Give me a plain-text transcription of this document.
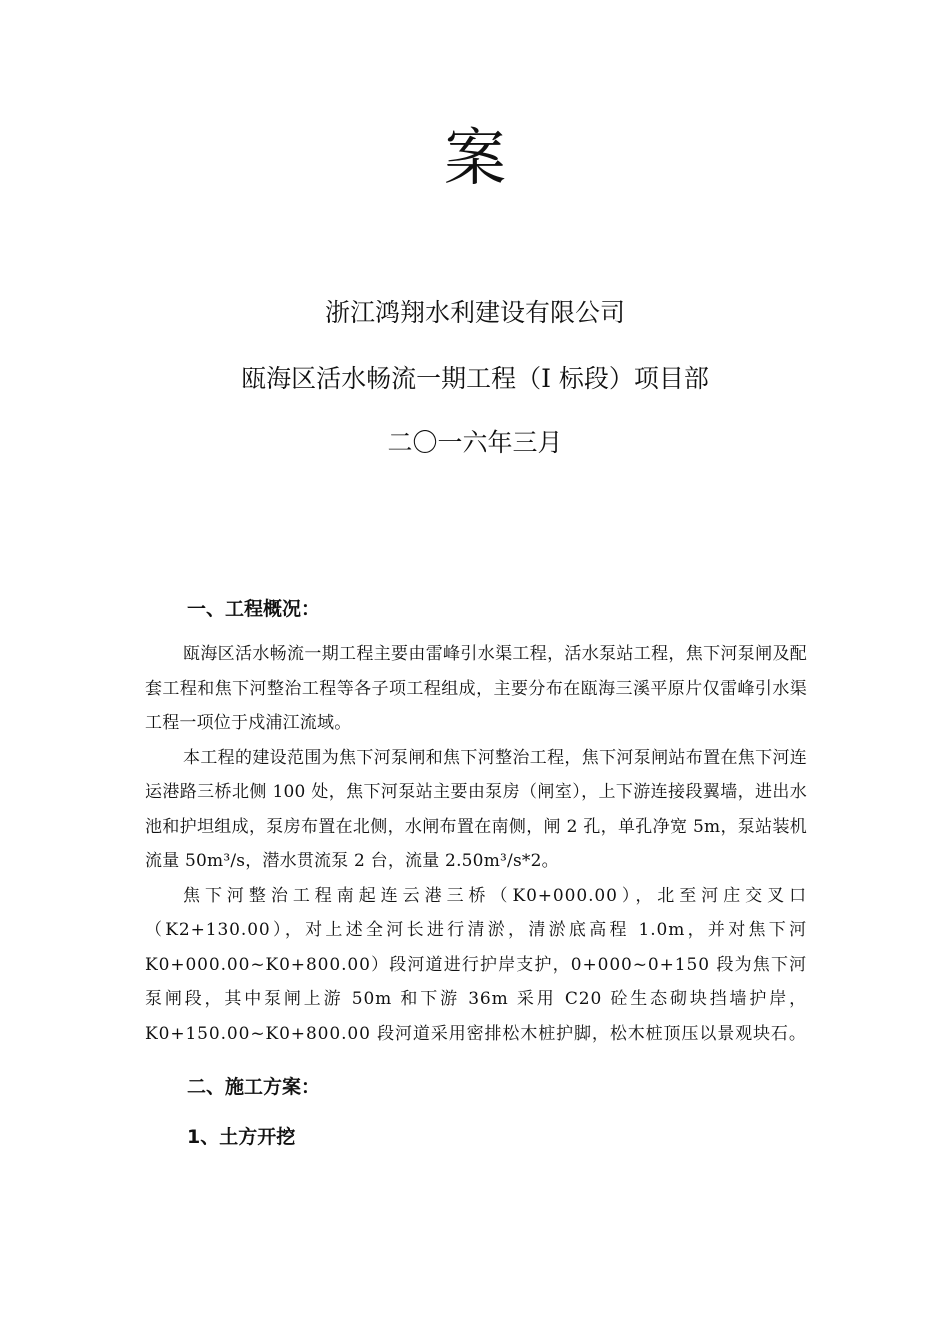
案
浙江鸿翔水利建设有限公司
瓯海区活水畅流一期工程（I 标段）项目部
二〇一六年三月
一、工程概况：

瓯海区活水畅流一期工程主要由雷峰引水渠工程，活水泵站工程，焦下河泵闸及配套工程和焦下河整治工程等各子项工程组成，主要分布在瓯海三溪平原片仅雷峰引水渠工程一项位于戍浦江流域。

本工程的建设范围为焦下河泵闸和焦下河整治工程，焦下河泵闸站布置在焦下河连运港路三桥北侧 100 处，焦下河泵站主要由泵房（闸室），上下游连接段翼墙，进出水池和护坦组成，泵房布置在北侧，水闸布置在南侧，闸 2 孔，单孔净宽 5m，泵站装机流量 50m³/s，潜水贯流泵 2 台，流量 2.50m³/s*2。

焦下河整治工程南起连云港三桥（K0+000.00），北至河庄交叉口（K2+130.00），对上述全河长进行清淤，清淤底高程 1.0m，并对焦下河 K0+000.00~K0+800.00）段河道进行护岸支护，0+000~0+150 段为焦下河泵闸段，其中泵闸上游 50m 和下游 36m 采用 C20 砼生态砌块挡墙护岸，K0+150.00~K0+800.00 段河道采用密排松木桩护脚，松木桩顶压以景观块石。

二、施工方案：
1、土方开挖
